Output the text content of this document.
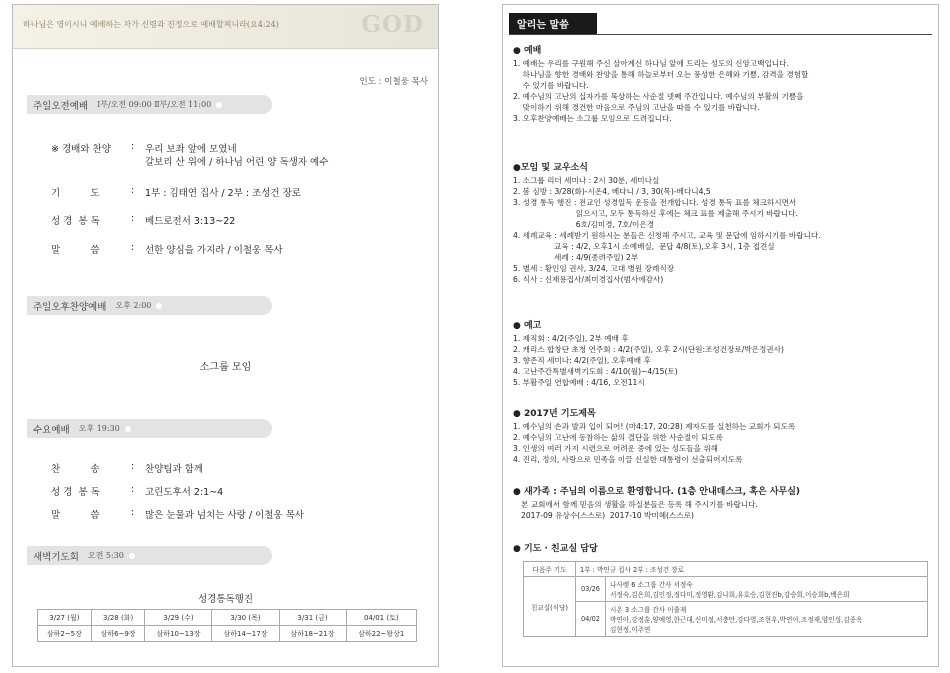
하나님은 영이시니 예배하는 자가 신령과 진정으로 예배할찌니라(요4:24)	GOD
인도 : 이철웅 목사
주일오전예배 Ⅰ부/오전 09:00 Ⅱ부/오전 11:00
※ 경배와 찬양	: 우리 보좌 앞에 모였네
갈보리 산 위에 / 하나님 어린 양 독생자 예수
기          도	: 1부 : 김태연 집사 / 2부 : 조성건 장로
성 경  봉 독	: 베드로전서 3:13~22
말          씀	: 선한 양심을 가지라 / 이철웅 목사
주일오후찬양예배 오후 2:00
소그룹 모임
수요예배 오후 19:30
찬          송	: 찬양팀과 함께
성 경  봉 독	: 고린도후서 2:1~4
말          씀	: 많은 눈물과 넘치는 사랑 / 이철웅 목사
새벽기도회 오전 5:30
성경통독행진
3/27 (월)	3/28 (화)	3/29 (수)	3/30 (목)	3/31 (금)	04/01 (토)
삼하2~5장	삼하6~9장	삼하10~13장	삼하14~17장	삼하18~21장	삼하22~왕상1
알리는 말씀
● 예배
1. 예배는 우리를 구원해 주신 살아계신 하나님 앞에 드리는 성도의 신앙고백입니다.
하나님을 향한 경배와 찬양을 통해 하늘로부터 오는 풍성한 은혜와 기쁨, 감격을 경험할
수 있기를 바랍니다.
2. 예수님의 고난의 십자가를 묵상하는 사순절 넷째 주간입니다. 예수님의 부활의 기쁨을
맞이하기 위해 경건한 마음으로 주님의 고난을 따를 수 있기를 바랍니다.
3. 오후찬양예배는 소그룹 모임으로 드려집니다.
●모임 및 교우소식
1. 소그룹 리더 세미나 : 2시 30분, 세미나실
2. 봄 심방 : 3/28(화)-시온4, 베다니 / 3, 30(목)-베다니4,5
3. 성경 통독 행진 : 전교인 성경일독 운동을 전개합니다. 성경 통독 표를 체크하시면서
읽으시고, 모두 통독하신 후에는 체크 표를 제출해 주시기 바랍니다.
6호/김미경, 7호/이은경
4. 세례교육 : 세례받기 원하시는 분들은 신청해 주시고, 교육 및 문답에 임하시기를 바랍니다.
교육 : 4/2, 오후1시 소예배실,  문답 4/8(토),오후 3시, 1층 접견실
세례 : 4/9(종려주일) 2부
5. 별세 : 황인임 권사, 3/24, 고대 병원 장례식장
6. 식사 : 신재용집사/최미경집사(범사에감사)
● 예고
1. 제직회 : 4/2(주일), 2부 예배 후
2. 캐리스 합창단 초청 연주회 : 4/2(주일), 오후 2시(단원:조성건장로/박은정권사)
3. 향존직 세미나: 4/2(주일), 오후예배 후
4. 고난주간특별새벽기도회 : 4/10(월)~4/15(토)
5. 부활주일 연합예배 : 4/16, 오전11시
● 2017년 기도제목
1. 예수님의 손과 발과 입이 되어! (마4:17, 20:28) 제자도를 실천하는 교회가 되도록
2. 예수님의 고난에 동참하는 삶의 결단을 위한 사순절이 되도록
3. 인생의 여러 가지 시련으로 어려운 중에 있는 성도들을 위해
4. 진리, 정의, 사랑으로 민족을 이끌 신실한 대통령이 선출되어지도록
● 새가족 : 주님의 이름으로 환영합니다. (1층 안내데스크, 혹은 사무실)
본 교회에서 함께 믿음의 생활을 하실분들은 등록 해 주시기를 바랍니다.
2017-09 유상수(스스로)  2017-10 박미혜(스스로)
● 기도 · 친교실 담당
다음주 기도	1부 : 박민규 집사 2부 : 조성건 장로	
친교실(식당)	03/26	나사렛 6 소그룹 간사 서정숙
서정숙,김은희,김인정,정다미,정영환,김나희,유호승,김현진b,강승희,이승희b,백은희

	04/02	시온 3 소그룹 간사 이출재
박연아,강정훈,양예영,한근대,신미정,서충만,강다영,조현우,박연아,조정재,양인성,김종옥
김현정,이주연
